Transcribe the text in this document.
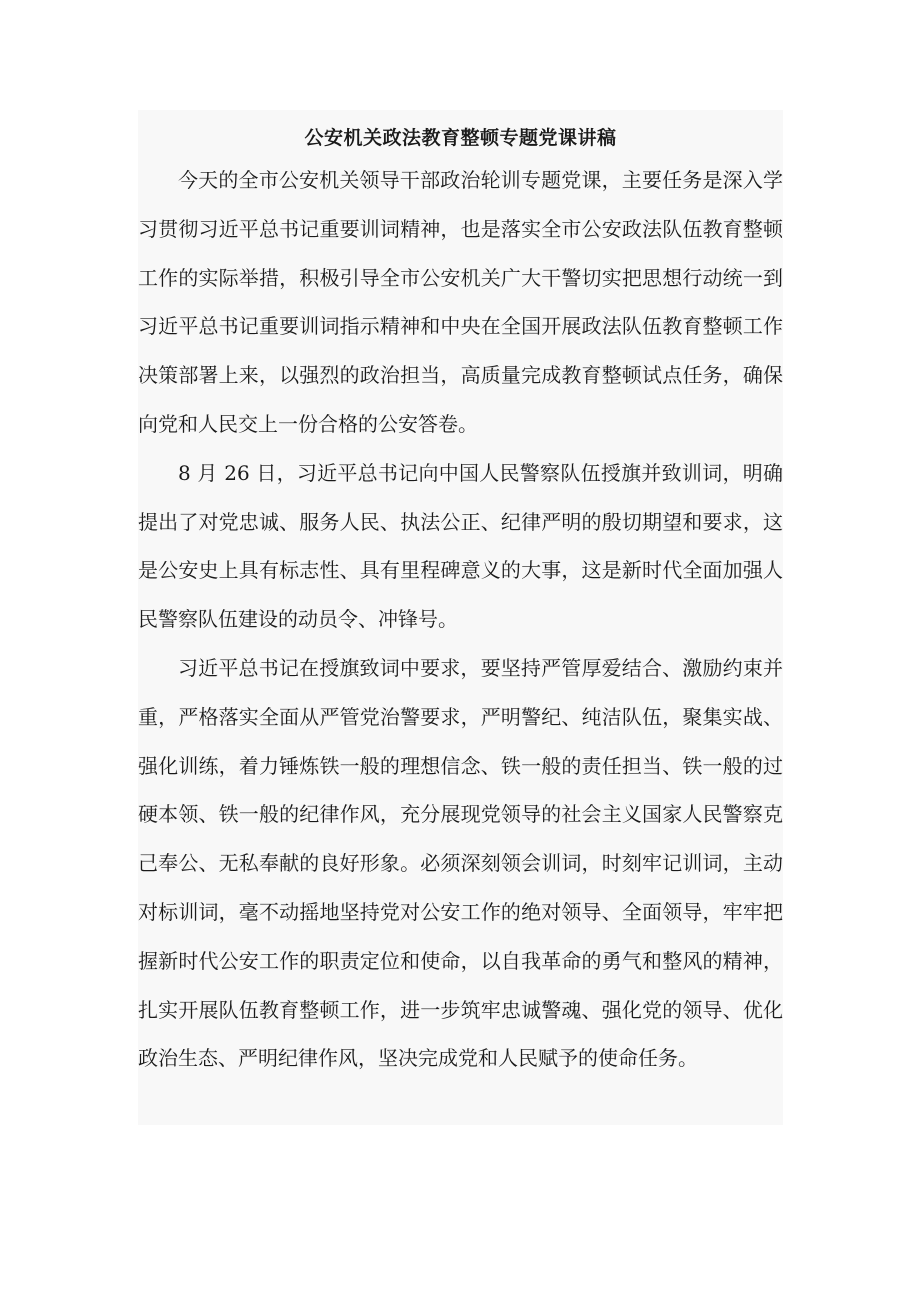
公安机关政法教育整顿专题党课讲稿

今天的全市公安机关领导干部政治轮训专题党课，主要任务是深入学习贯彻习近平总书记重要训词精神，也是落实全市公安政法队伍教育整顿工作的实际举措，积极引导全市公安机关广大干警切实把思想行动统一到习近平总书记重要训词指示精神和中央在全国开展政法队伍教育整顿工作决策部署上来，以强烈的政治担当，高质量完成教育整顿试点任务，确保向党和人民交上一份合格的公安答卷。

8 月 26 日，习近平总书记向中国人民警察队伍授旗并致训词，明确提出了对党忠诚、服务人民、执法公正、纪律严明的殷切期望和要求，这是公安史上具有标志性、具有里程碑意义的大事，这是新时代全面加强人民警察队伍建设的动员令、冲锋号。

习近平总书记在授旗致词中要求，要坚持严管厚爱结合、激励约束并重，严格落实全面从严管党治警要求，严明警纪、纯洁队伍，聚集实战、强化训练，着力锤炼铁一般的理想信念、铁一般的责任担当、铁一般的过硬本领、铁一般的纪律作风，充分展现党领导的社会主义国家人民警察克己奉公、无私奉献的良好形象。必须深刻领会训词，时刻牢记训词，主动对标训词，毫不动摇地坚持党对公安工作的绝对领导、全面领导，牢牢把握新时代公安工作的职责定位和使命，以自我革命的勇气和整风的精神，扎实开展队伍教育整顿工作，进一步筑牢忠诚警魂、强化党的领导、优化政治生态、严明纪律作风，坚决完成党和人民赋予的使命任务。
